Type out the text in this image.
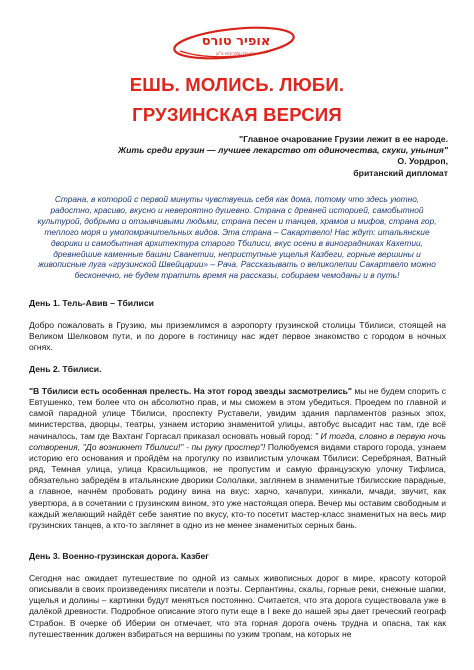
אופיר טורס
נסיעות ומדריכים ב"ע
ЕШЬ. МОЛИСЬ. ЛЮБИ.
ГРУЗИНСКАЯ ВЕРСИЯ
"Главное очарование Грузии лежит в ее народе.
Жить среди грузин — лучшее лекарство от одиночества, скуки, уныния"
О. Уордроп,
британский дипломат
Страна, в которой с первой минуты чувствуешь себя как дома, потому что здесь уютно, радостно, красиво, вкусно и невероятно душевно. Страна с древней историей, самобытной культурой, добрыми и отзывчивыми людьми, страна песен и танцев, храмов и мифов, страна гор, теплого моря и умопомрачительных видов. Эта страна – Сакартвело! Нас ждут: итальянские дворики и самобытная архитектура старого Тбилиси, вкус осени в виноградниках Кахетии, древнейшие каменные башни Сванетии, неприступные ущелья Казбеги, горные вершины и живописные луга «грузинской Швейцарии» – Рача. Рассказывать о великолепии Сакартвело можно бесконечно, не будем тратить время на рассказы, собираем чемоданы и в путь!
День 1. Тель-Авив – Тбилиси
Добро пожаловать в Грузию, мы приземлимся в аэропорту грузинской столицы Тбилиси, стоящей на Великом Шелковом пути, и по дороге в гостиницу нас ждет первое знакомство с городом в ночных огнях.
День 2. Тбилиси.
"В Тбилиси есть особенная прелесть. На этот город звезды засмотрелись" мы не будем спорить с Евтушенко, тем более что он абсолютно прав, и мы сможем в этом убедиться. Проедем по главной и самой парадной улице Тбилиси, проспекту Руставели, увидим здания парламентов разных эпох, министерства, дворцы, театры, узнаем историю знаменитой улицы, автобус высадит нас там, где всё начиналось, там где Вахтанг Горгасал приказал основать новый город: " И тогда, словно в первую ночь сотворения, "До возникнет Тбилиси!" - пы руку простер"! Полюбуемся видами старого города, узнаем историю его основания и пройдём на прогулку по извилистым улочкам Тбилиси: Серебряная, Ватный ряд, Темная улица, улица Красильщиков, не пропустим и самую французскую улочку Тифлиса, обязательно забредём в итальянские дворики Сололаки, заглянем в знаменитые тбилисские парадные, а главное, начнём пробовать родину вина на вкус: харчо, хачапури, хинкали, мчади, звучит, как увертюра, а в сочетании с грузинским вином, это уже настоящая опера. Вечер мы оставим свободным и каждый желающий найдёт себе занятие по вкусу, кто-то посетит мастер-класс знаменитых на весь мир грузинских танцев, а кто-то заглянет в одно из не менее знаменитых серных бань.
День 3. Военно-грузинская дорога. Казбег
Сегодня нас ожидает путешествие по одной из самых живописных дорог в мире, красоту которой описывали в своих произведениях писатели и поэты. Серпантины, скалы, горные реки, снежные шапки, ущелья и долины – картинки будут меняться постоянно. Считается, что эта дорога существовала уже в далёкой древности. Подробное описание этого пути еще в I веке до нашей эры дает греческий географ Страбон. В очерке об Иберии он отмечает, что эта горная дорога очень трудна и опасна, так как путешественник должен взбираться на вершины по узким тропам, на которых не
